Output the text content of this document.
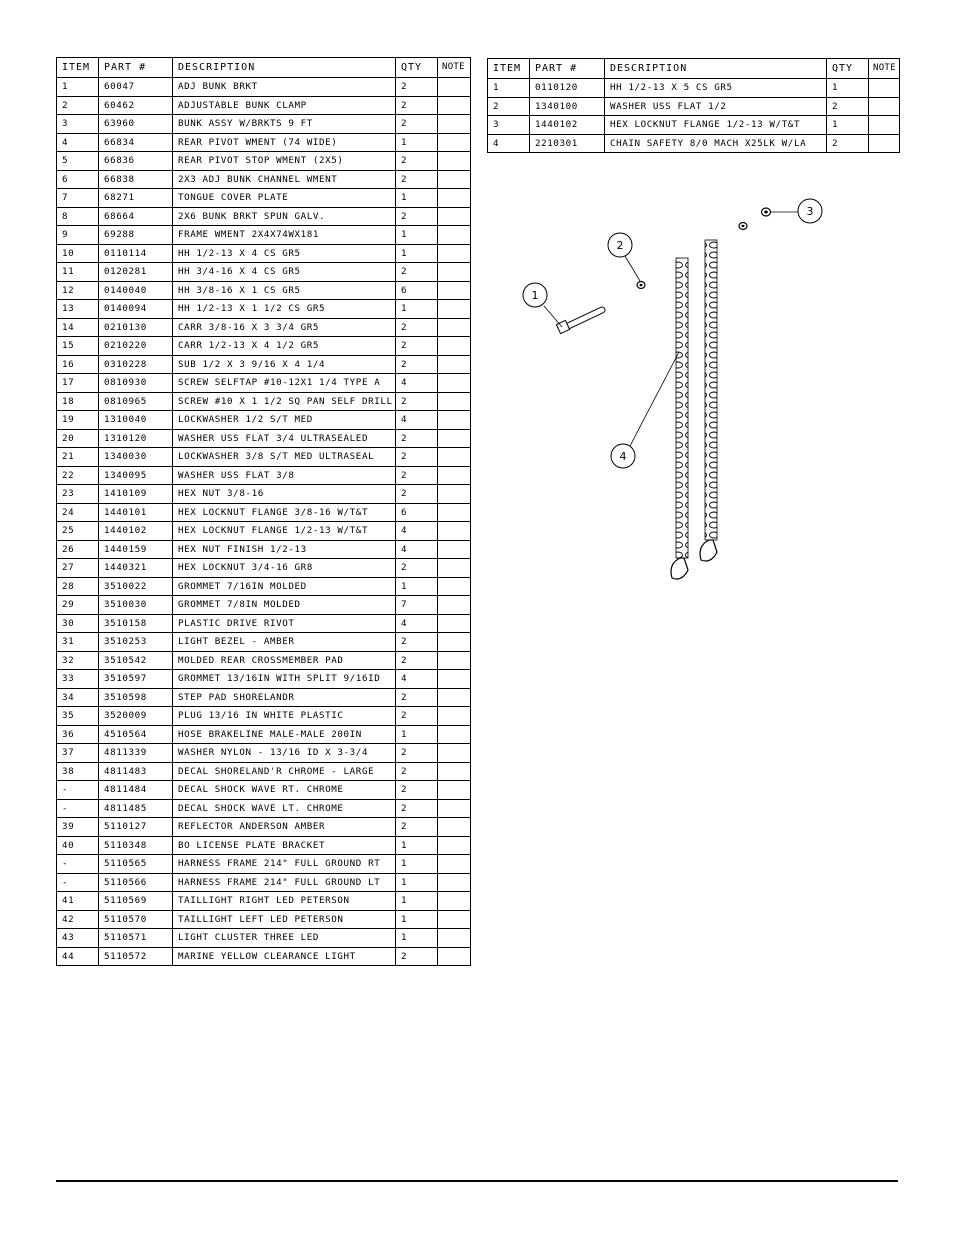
ITEM	PART #	DESCRIPTION	QTY	NOTE
1	60047	ADJ BUNK BRKT	2	
2	60462	ADJUSTABLE BUNK CLAMP	2	
3	63960	BUNK ASSY W/BRKTS 9 FT	2	
4	66834	REAR PIVOT WMENT (74 WIDE)	1	
5	66836	REAR PIVOT STOP WMENT (2X5)	2	
6	66838	2X3 ADJ BUNK CHANNEL WMENT	2	
7	68271	TONGUE COVER PLATE	1	
8	68664	2X6 BUNK BRKT SPUN GALV.	2	
9	69288	FRAME WMENT 2X4X74WX181	1	
10	0110114	HH 1/2-13 X 4 CS GR5	1	
11	0120281	HH 3/4-16 X 4 CS GR5	2	
12	0140040	HH 3/8-16 X 1 CS GR5	6	
13	0140094	HH 1/2-13 X 1 1/2 CS GR5	1	
14	0210130	CARR 3/8-16 X 3 3/4 GR5	2	
15	0210220	CARR 1/2-13 X 4 1/2 GR5	2	
16	0310228	SUB 1/2 X 3 9/16 X 4 1/4	2	
17	0810930	SCREW SELFTAP #10-12X1 1/4 TYPE A	4	
18	0810965	SCREW #10 X 1 1/2 SQ PAN SELF DRILL	2	
19	1310040	LOCKWASHER 1/2 S/T MED	4	
20	1310120	WASHER USS FLAT 3/4 ULTRASEALED	2	
21	1340030	LOCKWASHER 3/8 S/T MED ULTRASEAL	2	
22	1340095	WASHER USS FLAT 3/8	2	
23	1410109	HEX NUT 3/8-16	2	
24	1440101	HEX LOCKNUT FLANGE 3/8-16 W/T&T	6	
25	1440102	HEX LOCKNUT FLANGE 1/2-13 W/T&T	4	
26	1440159	HEX NUT FINISH 1/2-13	4	
27	1440321	HEX LOCKNUT 3/4-16 GR8	2	
28	3510022	GROMMET 7/16IN MOLDED	1	
29	3510030	GROMMET 7/8IN MOLDED	7	
30	3510158	PLASTIC DRIVE RIVOT	4	
31	3510253	LIGHT BEZEL - AMBER	2	
32	3510542	MOLDED REAR CROSSMEMBER PAD	2	
33	3510597	GROMMET 13/16IN WITH SPLIT 9/16ID	4	
34	3510598	STEP PAD SHORELANDR	2	
35	3520009	PLUG 13/16 IN WHITE PLASTIC	2	
36	4510564	HOSE BRAKELINE MALE-MALE 200IN	1	
37	4811339	WASHER NYLON - 13/16 ID X 3-3/4	2	
38	4811483	DECAL SHORELAND'R CHROME - LARGE	2	
-	4811484	DECAL SHOCK WAVE RT. CHROME	2	
-	4811485	DECAL SHOCK WAVE LT. CHROME	2	
39	5110127	REFLECTOR ANDERSON AMBER	2	
40	5110348	BO LICENSE PLATE BRACKET	1	
-	5110565	HARNESS FRAME 214" FULL GROUND RT	1	
-	5110566	HARNESS FRAME 214" FULL GROUND LT	1	
41	5110569	TAILLIGHT RIGHT LED PETERSON	1	
42	5110570	TAILLIGHT LEFT LED PETERSON	1	
43	5110571	LIGHT CLUSTER THREE LED	1	
44	5110572	MARINE YELLOW CLEARANCE LIGHT	2	
ITEM	PART #	DESCRIPTION	QTY	NOTE
1	0110120	HH 1/2-13 X 5 CS GR5	1	
2	1340100	WASHER USS FLAT 1/2	2	
3	1440102	HEX LOCKNUT FLANGE 1/2-13 W/T&T	1	
4	2210301	CHAIN SAFETY 8/0 MACH X25LK W/LA	2	
1
2
3
4
